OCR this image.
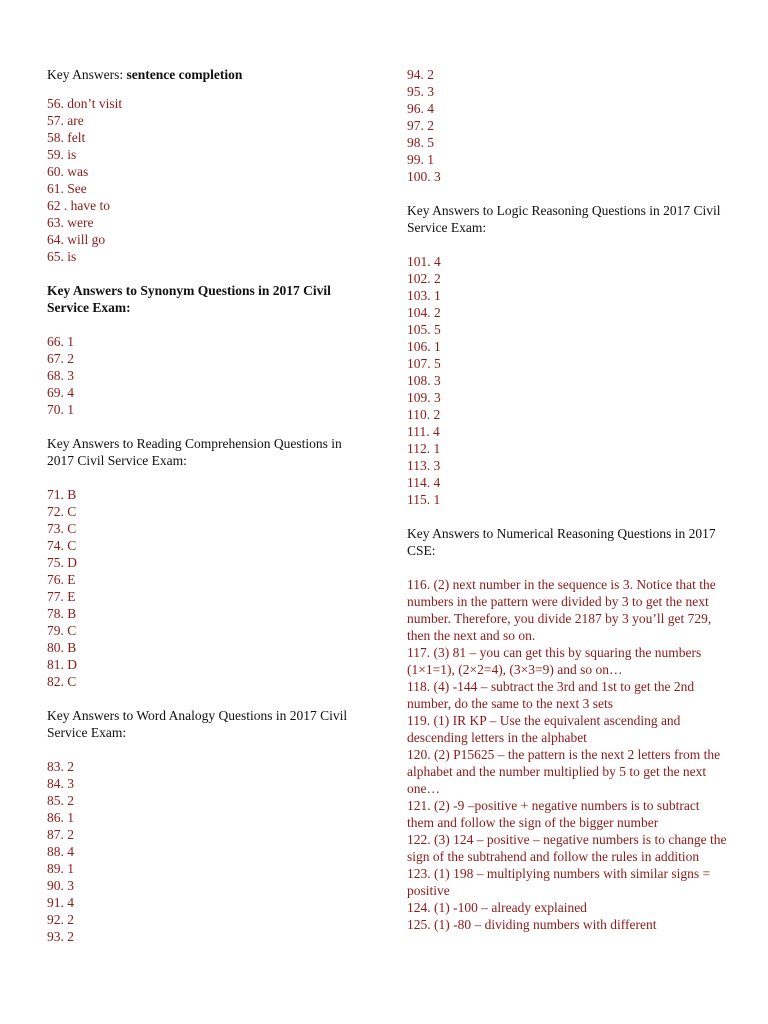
Key Answers: sentence completion
56. don’t visit
57. are
58. felt
59. is
60. was
61. See
62 . have to
63. were
64. will go
65. is
Key Answers to Synonym Questions in 2017 Civil Service Exam:
66. 1
67. 2
68. 3
69. 4
70. 1
Key Answers to Reading Comprehension Questions in 2017 Civil Service Exam:
71. B
72. C
73. C
74. C
75. D
76. E
77. E
78. B
79. C
80. B
81. D
82. C
Key Answers to Word Analogy Questions in 2017 Civil Service Exam:
83. 2
84. 3
85. 2
86. 1
87. 2
88. 4
89. 1
90. 3
91. 4
92. 2
93. 2
94. 2
95. 3
96. 4
97. 2
98. 5
99. 1
100. 3
Key Answers to Logic Reasoning Questions in 2017 Civil Service Exam:
101. 4
102. 2
103. 1
104. 2
105. 5
106. 1
107. 5
108. 3
109. 3
110. 2
111. 4
112. 1
113. 3
114. 4
115. 1
Key Answers to Numerical Reasoning Questions in 2017 CSE:
116. (2) next number in the sequence is 3. Notice that the numbers in the pattern were divided by 3 to get the next number. Therefore, you divide 2187 by 3 you’ll get 729, then the next and so on.
117. (3) 81 – you can get this by squaring the numbers (1×1=1), (2×2=4), (3×3=9) and so on…
118. (4) -144 – subtract the 3rd and 1st to get the 2nd number, do the same to the next 3 sets
119. (1) IR KP – Use the equivalent ascending and descending letters in the alphabet
120. (2) P15625 – the pattern is the next 2 letters from the alphabet and the number multiplied by 5 to get the next one…
121. (2) -9 –positive + negative numbers is to subtract them and follow the sign of the bigger number
122. (3) 124 – positive – negative numbers is to change the sign of the subtrahend and follow the rules in addition
123. (1) 198 – multiplying numbers with similar signs = positive
124. (1) -100 – already explained
125. (1) -80 – dividing numbers with different
